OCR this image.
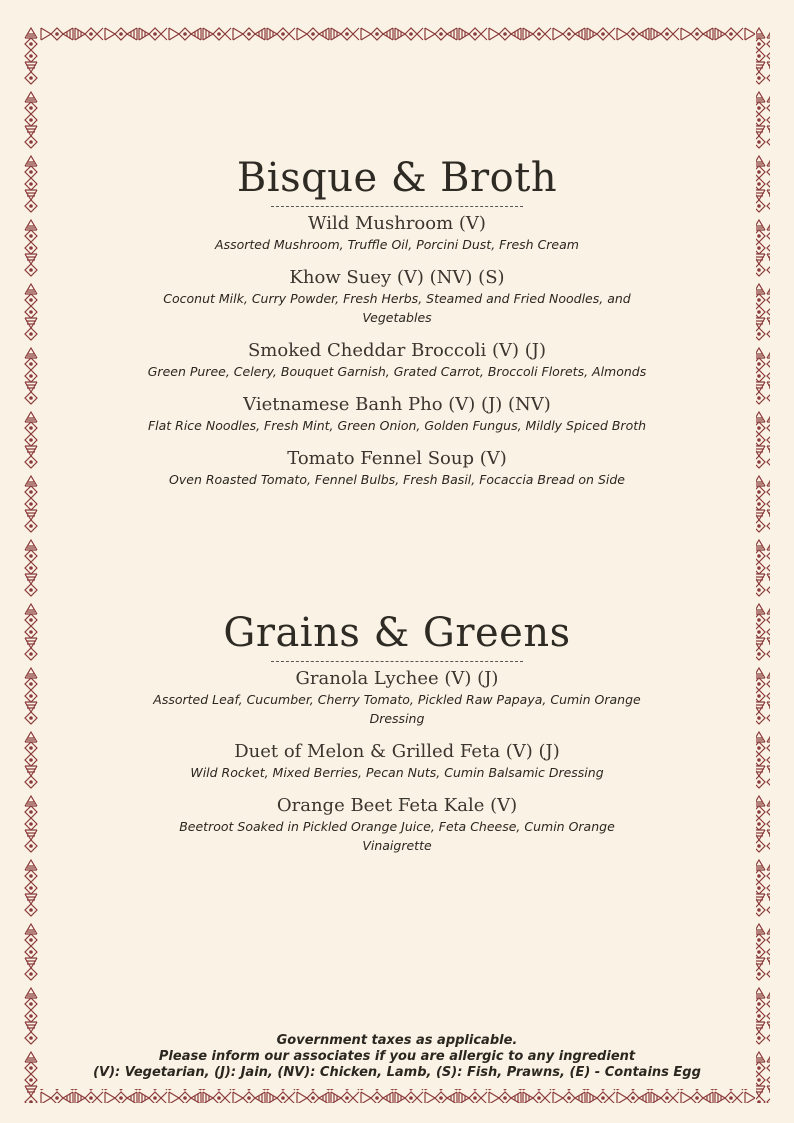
Bisque & Broth
Wild Mushroom (V)
Assorted Mushroom, Truffle Oil, Porcini Dust, Fresh Cream
Khow Suey (V) (NV) (S)
Coconut Milk, Curry Powder, Fresh Herbs, Steamed and Fried Noodles, and Vegetables
Smoked Cheddar Broccoli (V) (J)
Green Puree, Celery, Bouquet Garnish, Grated Carrot, Broccoli Florets, Almonds
Vietnamese Banh Pho (V) (J) (NV)
Flat Rice Noodles, Fresh Mint, Green Onion, Golden Fungus, Mildly Spiced Broth
Tomato Fennel Soup (V)
Oven Roasted Tomato, Fennel Bulbs, Fresh Basil, Focaccia Bread on Side
Grains & Greens
Granola Lychee (V) (J)
Assorted Leaf, Cucumber, Cherry Tomato, Pickled Raw Papaya, Cumin Orange Dressing
Duet of Melon & Grilled Feta (V) (J)
Wild Rocket, Mixed Berries, Pecan Nuts, Cumin Balsamic Dressing
Orange Beet Feta Kale (V)
Beetroot Soaked in Pickled Orange Juice, Feta Cheese, Cumin Orange Vinaigrette
Government taxes as applicable.
Please inform our associates if you are allergic to any ingredient
(V): Vegetarian, (J): Jain, (NV): Chicken, Lamb, (S): Fish, Prawns, (E) - Contains Egg
